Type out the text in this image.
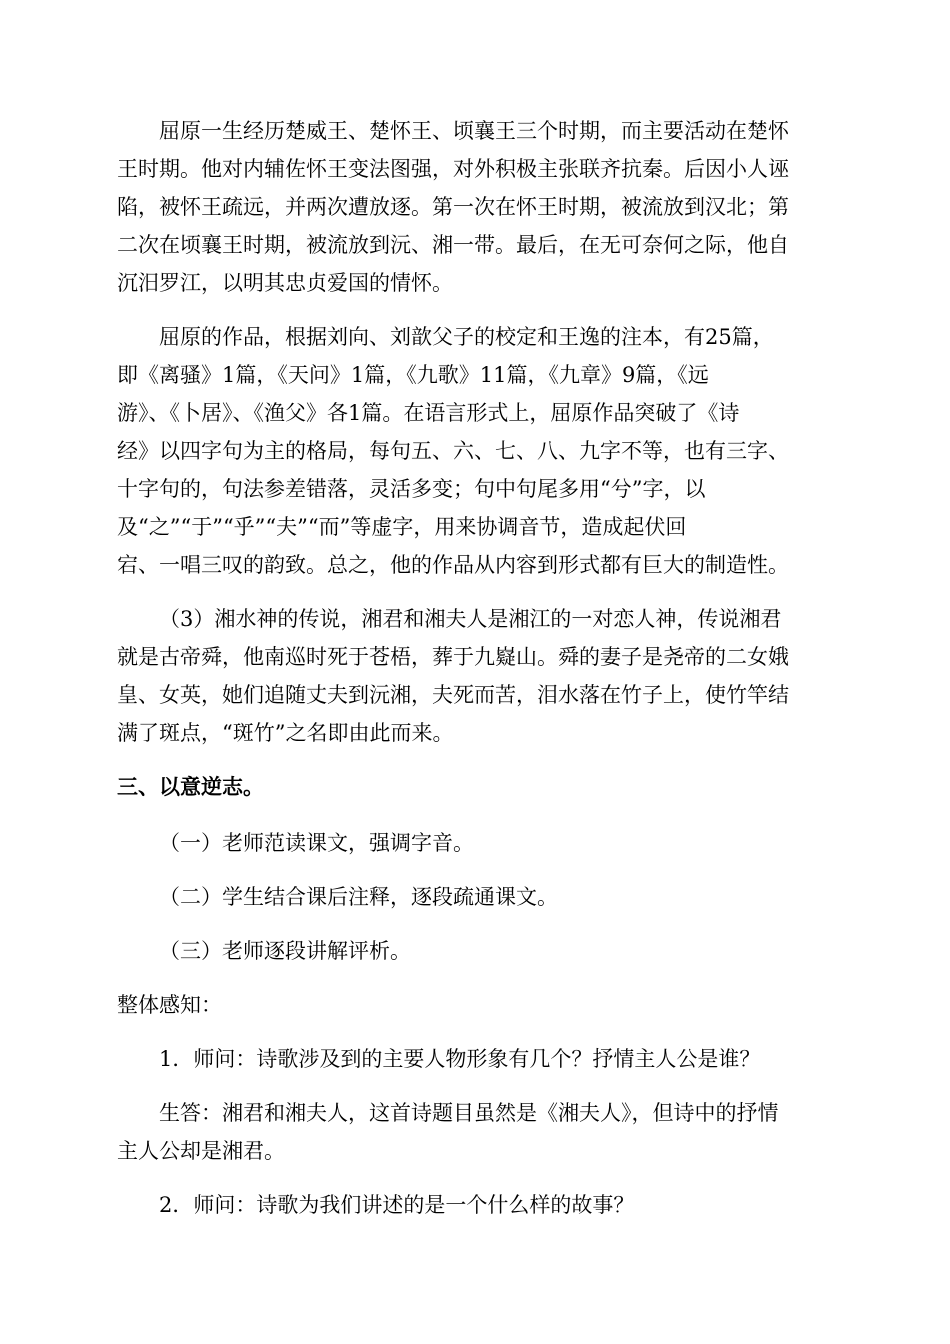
屈原一生经历楚威王、楚怀王、顷襄王三个时期，而主要活动在楚怀

王时期。他对内辅佐怀王变法图强，对外积极主张联齐抗秦。后因小人诬

陷，被怀王疏远，并两次遭放逐。第一次在怀王时期，被流放到汉北；第

二次在顷襄王时期，被流放到沅、湘一带。最后，在无可奈何之际，他自

沉汨罗江，以明其忠贞爱国的情怀。

屈原的作品，根据刘向、刘歆父子的校定和王逸的注本，有25篇，

即《离骚》1篇，《天问》1篇，《九歌》11篇，《九章》9篇，《远

游》、《卜居》、《渔父》各1篇。在语言形式上，屈原作品突破了《诗

经》以四字句为主的格局，每句五、六、七、八、九字不等，也有三字、

十字句的，句法参差错落，灵活多变；句中句尾多用“兮”字，以

及“之”“于”“乎”“夫”“而”等虚字，用来协调音节，造成起伏回

宕、一唱三叹的韵致。总之，他的作品从内容到形式都有巨大的制造性。

（3）湘水神的传说，湘君和湘夫人是湘江的一对恋人神，传说湘君

就是古帝舜，他南巡时死于苍梧，葬于九嶷山。舜的妻子是尧帝的二女娥

皇、女英，她们追随丈夫到沅湘，夫死而苦，泪水落在竹子上，使竹竿结

满了斑点，“斑竹”之名即由此而来。

三、以意逆志。

（一）老师范读课文，强调字音。

（二）学生结合课后注释，逐段疏通课文。

（三）老师逐段讲解评析。

整体感知：

1．师问：诗歌涉及到的主要人物形象有几个？抒情主人公是谁？

生答：湘君和湘夫人，这首诗题目虽然是《湘夫人》，但诗中的抒情

主人公却是湘君。

2．师问：诗歌为我们讲述的是一个什么样的故事？
